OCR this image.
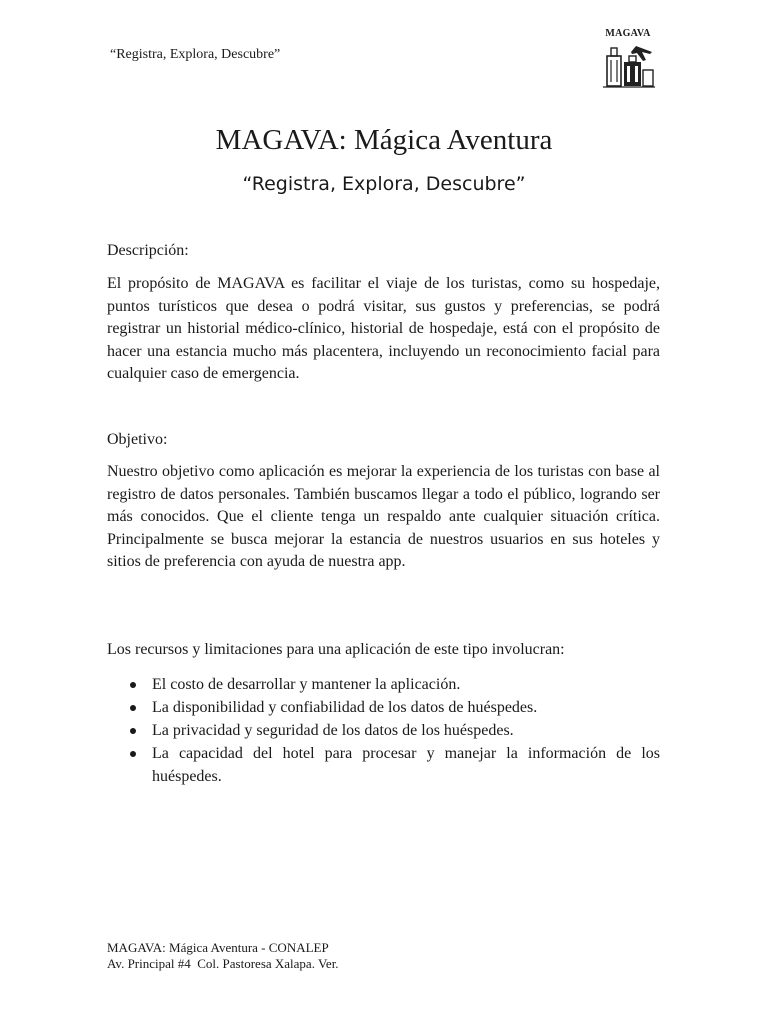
“Registra, Explora, Descubre”
MAGAVA
MAGAVA: Mágica Aventura
“Registra, Explora, Descubre”
Descripción:

El propósito de MAGAVA es facilitar el viaje de los turistas, como su hospedaje, puntos turísticos que desea o podrá visitar, sus gustos y preferencias, se podrá registrar un historial médico-clínico, historial de hospedaje, está con el propósito de hacer una estancia mucho más placentera, incluyendo un reconocimiento facial para cualquier caso de emergencia.

Objetivo:

Nuestro objetivo como aplicación es mejorar la experiencia de los turistas con base al registro de datos personales. También buscamos llegar a todo el público, logrando ser más conocidos. Que el cliente tenga un respaldo ante cualquier situación crítica. Principalmente se busca mejorar la estancia de nuestros usuarios en sus hoteles y sitios de preferencia con ayuda de nuestra app.

Los recursos y limitaciones para una aplicación de este tipo involucran:
El costo de desarrollar y mantener la aplicación.
La disponibilidad y confiabilidad de los datos de huéspedes.
La privacidad y seguridad de los datos de los huéspedes.
La capacidad del hotel para procesar y manejar la información de los huéspedes.
MAGAVA: Mágica Aventura - CONALEP
Av. Principal #4  Col. Pastoresa Xalapa. Ver.
